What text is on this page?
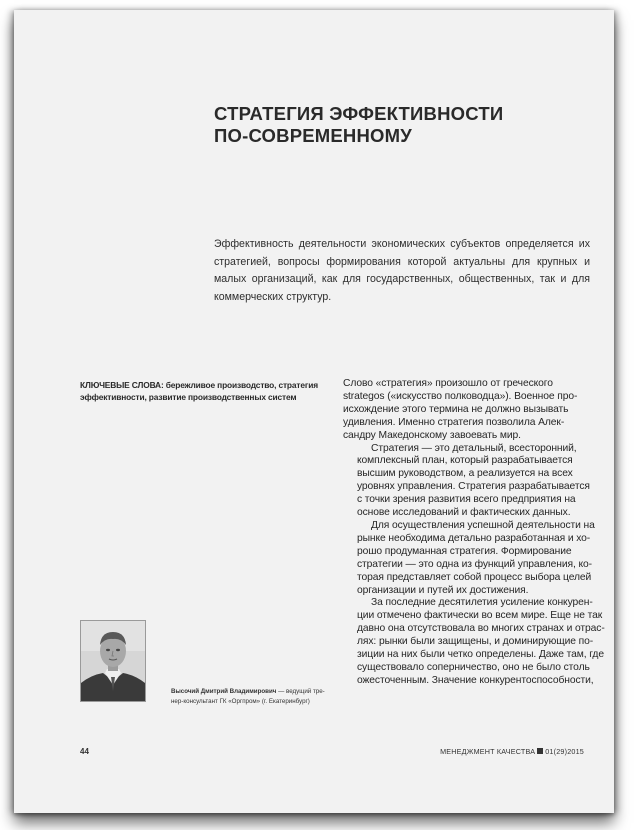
СТРАТЕГИЯ ЭФФЕКТИВНОСТИ
ПО-СОВРЕМЕННОМУ

Эффективность деятельности экономических субъектов определяется их стратегией, вопросы формирования которой актуальны для крупных и малых организаций, как для государственных, общественных, так и для коммерческих структур.

КЛЮЧЕВЫЕ СЛОВА: бережливое производство, стратегия эффективности, развитие производственных систем

Слово «стратегия» произошло от греческого
strategos («искусство полководца»). Военное про-
исхождение этого термина не должно вызывать
удивления. Именно стратегия позволила Алек-
сандру Македонскому завоевать мир.

Стратегия — это детальный, всесторонний,
комплексный план, который разрабатывается
высшим руководством, а реализуется на всех
уровнях управления. Стратегия разрабатывается
с точки зрения развития всего предприятия на
основе исследований и фактических данных.

Для осуществления успешной деятельности на
рынке необходима детально разработанная и хо-
рошо продуманная стратегия. Формирование
стратегии — это одна из функций управления, ко-
торая представляет собой процесс выбора целей
организации и путей их достижения.

За последние десятилетия усиление конкурен-
ции отмечено фактически во всем мире. Еще не так
давно она отсутствовала во многих странах и отрас-
лях: рынки были защищены, и доминирующие по-
зиции на них были четко определены. Даже там, где
существовало соперничество, оно не было столь
ожесточенным. Значение конкурентоспособности,

Высочий Дмитрий Владимирович — ведущий тре-
нер-консультант ГК «Оргпром» (г. Екатеринбург)

44	МЕНЕДЖМЕНТ КАЧЕСТВА 01(29)2015
